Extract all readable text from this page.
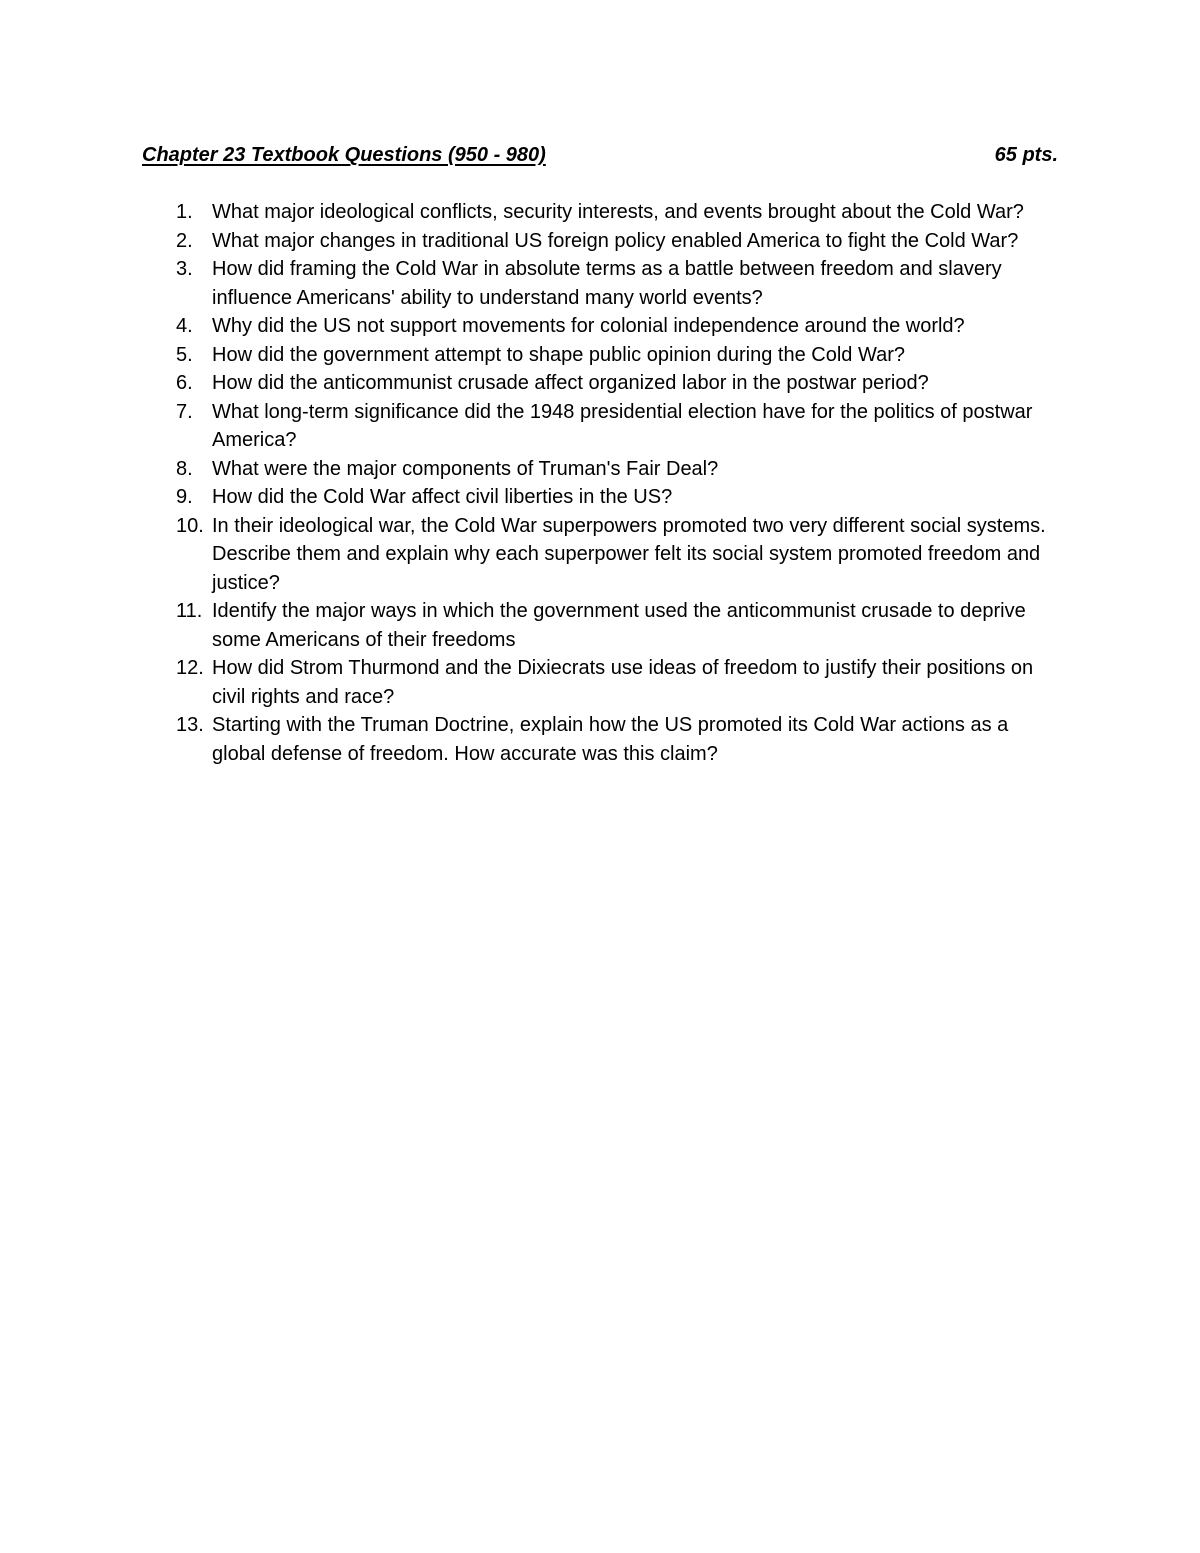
Chapter 23 Textbook Questions (950 - 980)	65 pts.
1. What major ideological conflicts, security interests, and events brought about the Cold War?
2. What major changes in traditional US foreign policy enabled America to fight the Cold War?
3. How did framing the Cold War in absolute terms as a battle between freedom and slavery influence Americans' ability to understand many world events?
4. Why did the US not support movements for colonial independence around the world?
5. How did the government attempt to shape public opinion during the Cold War?
6. How did the anticommunist crusade affect organized labor in the postwar period?
7. What long-term significance did the 1948 presidential election have for the politics of postwar America?
8. What were the major components of Truman's Fair Deal?
9. How did the Cold War affect civil liberties in the US?
10. In their ideological war, the Cold War superpowers promoted two very different social systems. Describe them and explain why each superpower felt its social system promoted freedom and justice?
11. Identify the major ways in which the government used the anticommunist crusade to deprive some Americans of their freedoms
12. How did Strom Thurmond and the Dixiecrats use ideas of freedom to justify their positions on civil rights and race?
13. Starting with the Truman Doctrine, explain how the US promoted its Cold War actions as a global defense of freedom. How accurate was this claim?
